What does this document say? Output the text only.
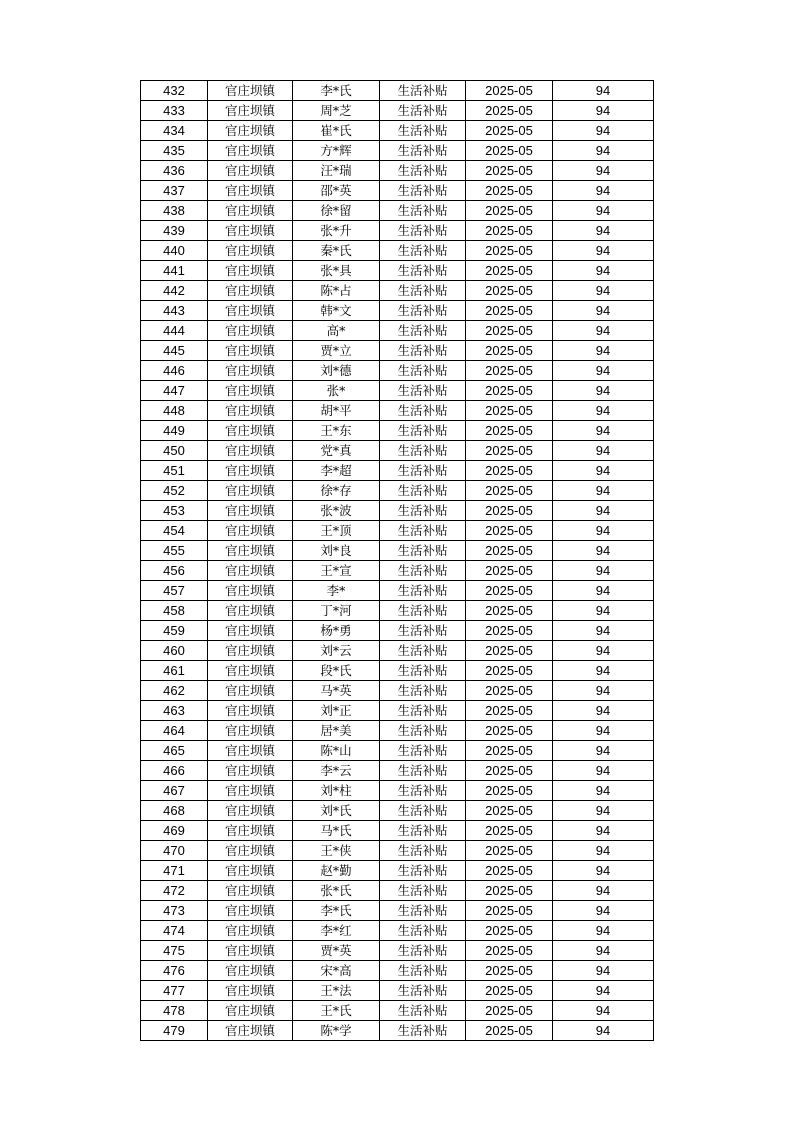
432	官庄坝镇	李*氏	生活补贴	2025-05	94
433	官庄坝镇	周*芝	生活补贴	2025-05	94
434	官庄坝镇	崔*氏	生活补贴	2025-05	94
435	官庄坝镇	方*辉	生活补贴	2025-05	94
436	官庄坝镇	汪*瑞	生活补贴	2025-05	94
437	官庄坝镇	邵*英	生活补贴	2025-05	94
438	官庄坝镇	徐*留	生活补贴	2025-05	94
439	官庄坝镇	张*升	生活补贴	2025-05	94
440	官庄坝镇	秦*氏	生活补贴	2025-05	94
441	官庄坝镇	张*具	生活补贴	2025-05	94
442	官庄坝镇	陈*占	生活补贴	2025-05	94
443	官庄坝镇	韩*文	生活补贴	2025-05	94
444	官庄坝镇	高*	生活补贴	2025-05	94
445	官庄坝镇	贾*立	生活补贴	2025-05	94
446	官庄坝镇	刘*德	生活补贴	2025-05	94
447	官庄坝镇	张*	生活补贴	2025-05	94
448	官庄坝镇	胡*平	生活补贴	2025-05	94
449	官庄坝镇	王*东	生活补贴	2025-05	94
450	官庄坝镇	党*真	生活补贴	2025-05	94
451	官庄坝镇	李*超	生活补贴	2025-05	94
452	官庄坝镇	徐*存	生活补贴	2025-05	94
453	官庄坝镇	张*波	生活补贴	2025-05	94
454	官庄坝镇	王*顶	生活补贴	2025-05	94
455	官庄坝镇	刘*良	生活补贴	2025-05	94
456	官庄坝镇	王*宣	生活补贴	2025-05	94
457	官庄坝镇	李*	生活补贴	2025-05	94
458	官庄坝镇	丁*河	生活补贴	2025-05	94
459	官庄坝镇	杨*勇	生活补贴	2025-05	94
460	官庄坝镇	刘*云	生活补贴	2025-05	94
461	官庄坝镇	段*氏	生活补贴	2025-05	94
462	官庄坝镇	马*英	生活补贴	2025-05	94
463	官庄坝镇	刘*正	生活补贴	2025-05	94
464	官庄坝镇	居*美	生活补贴	2025-05	94
465	官庄坝镇	陈*山	生活补贴	2025-05	94
466	官庄坝镇	李*云	生活补贴	2025-05	94
467	官庄坝镇	刘*柱	生活补贴	2025-05	94
468	官庄坝镇	刘*氏	生活补贴	2025-05	94
469	官庄坝镇	马*氏	生活补贴	2025-05	94
470	官庄坝镇	王*侠	生活补贴	2025-05	94
471	官庄坝镇	赵*勤	生活补贴	2025-05	94
472	官庄坝镇	张*氏	生活补贴	2025-05	94
473	官庄坝镇	李*氏	生活补贴	2025-05	94
474	官庄坝镇	李*红	生活补贴	2025-05	94
475	官庄坝镇	贾*英	生活补贴	2025-05	94
476	官庄坝镇	宋*高	生活补贴	2025-05	94
477	官庄坝镇	王*法	生活补贴	2025-05	94
478	官庄坝镇	王*氏	生活补贴	2025-05	94
479	官庄坝镇	陈*学	生活补贴	2025-05	94
